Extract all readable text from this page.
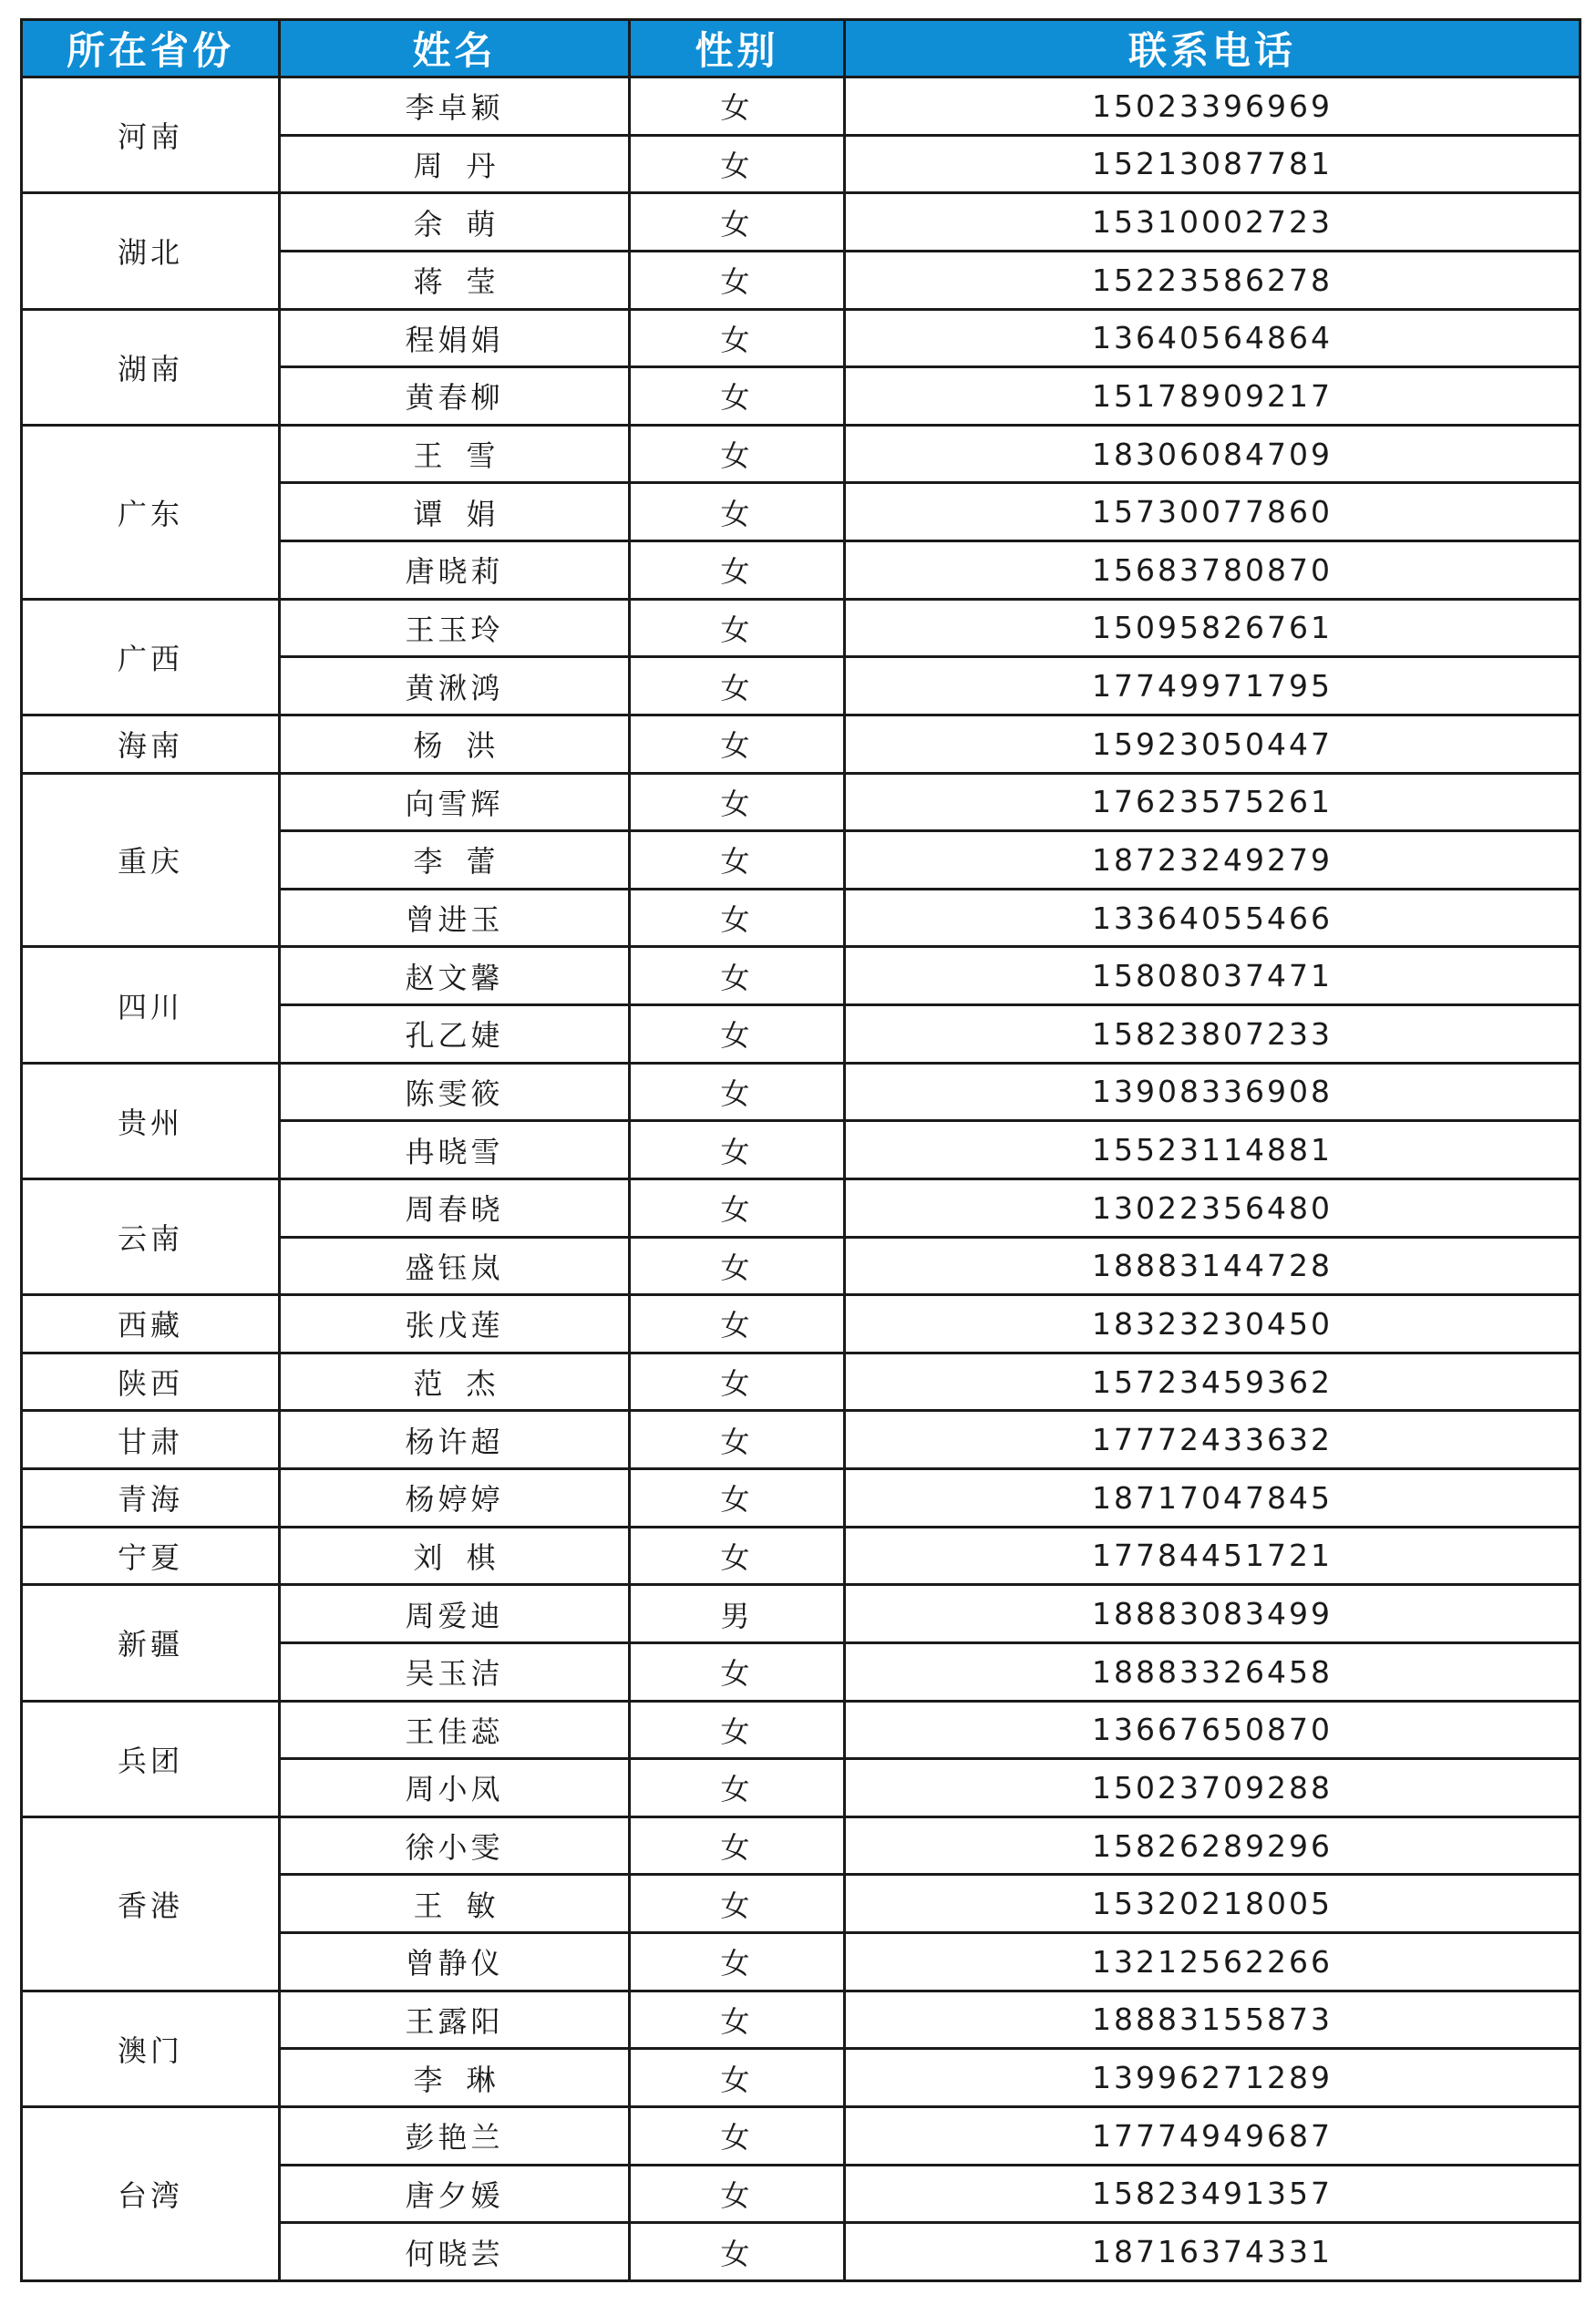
所在省份	姓名	性别	联系电话
河南	李卓颖	女	15023396969
	周丹	女	15213087781
湖北	余萌	女	15310002723
	蒋莹	女	15223586278
湖南	程娟娟	女	13640564864
	黄春柳	女	15178909217
广东	王雪	女	18306084709
	谭娟	女	15730077860
	唐晓莉	女	15683780870
广西	王玉玲	女	15095826761
	黄湫鸿	女	17749971795
海南	杨洪	女	15923050447
重庆	向雪辉	女	17623575261
	李蕾	女	18723249279
	曾进玉	女	13364055466
四川	赵文馨	女	15808037471
	孔乙婕	女	15823807233
贵州	陈雯筱	女	13908336908
	冉晓雪	女	15523114881
云南	周春晓	女	13022356480
	盛钰岚	女	18883144728
西藏	张戊莲	女	18323230450
陕西	范杰	女	15723459362
甘肃	杨许超	女	17772433632
青海	杨婷婷	女	18717047845
宁夏	刘棋	女	17784451721
新疆	周爱迪	男	18883083499
	吴玉洁	女	18883326458
兵团	王佳蕊	女	13667650870
	周小凤	女	15023709288
香港	徐小雯	女	15826289296
	王敏	女	15320218005
	曾静仪	女	13212562266
澳门	王露阳	女	18883155873
	李琳	女	13996271289
台湾	彭艳兰	女	17774949687
	唐夕媛	女	15823491357
	何晓芸	女	18716374331
